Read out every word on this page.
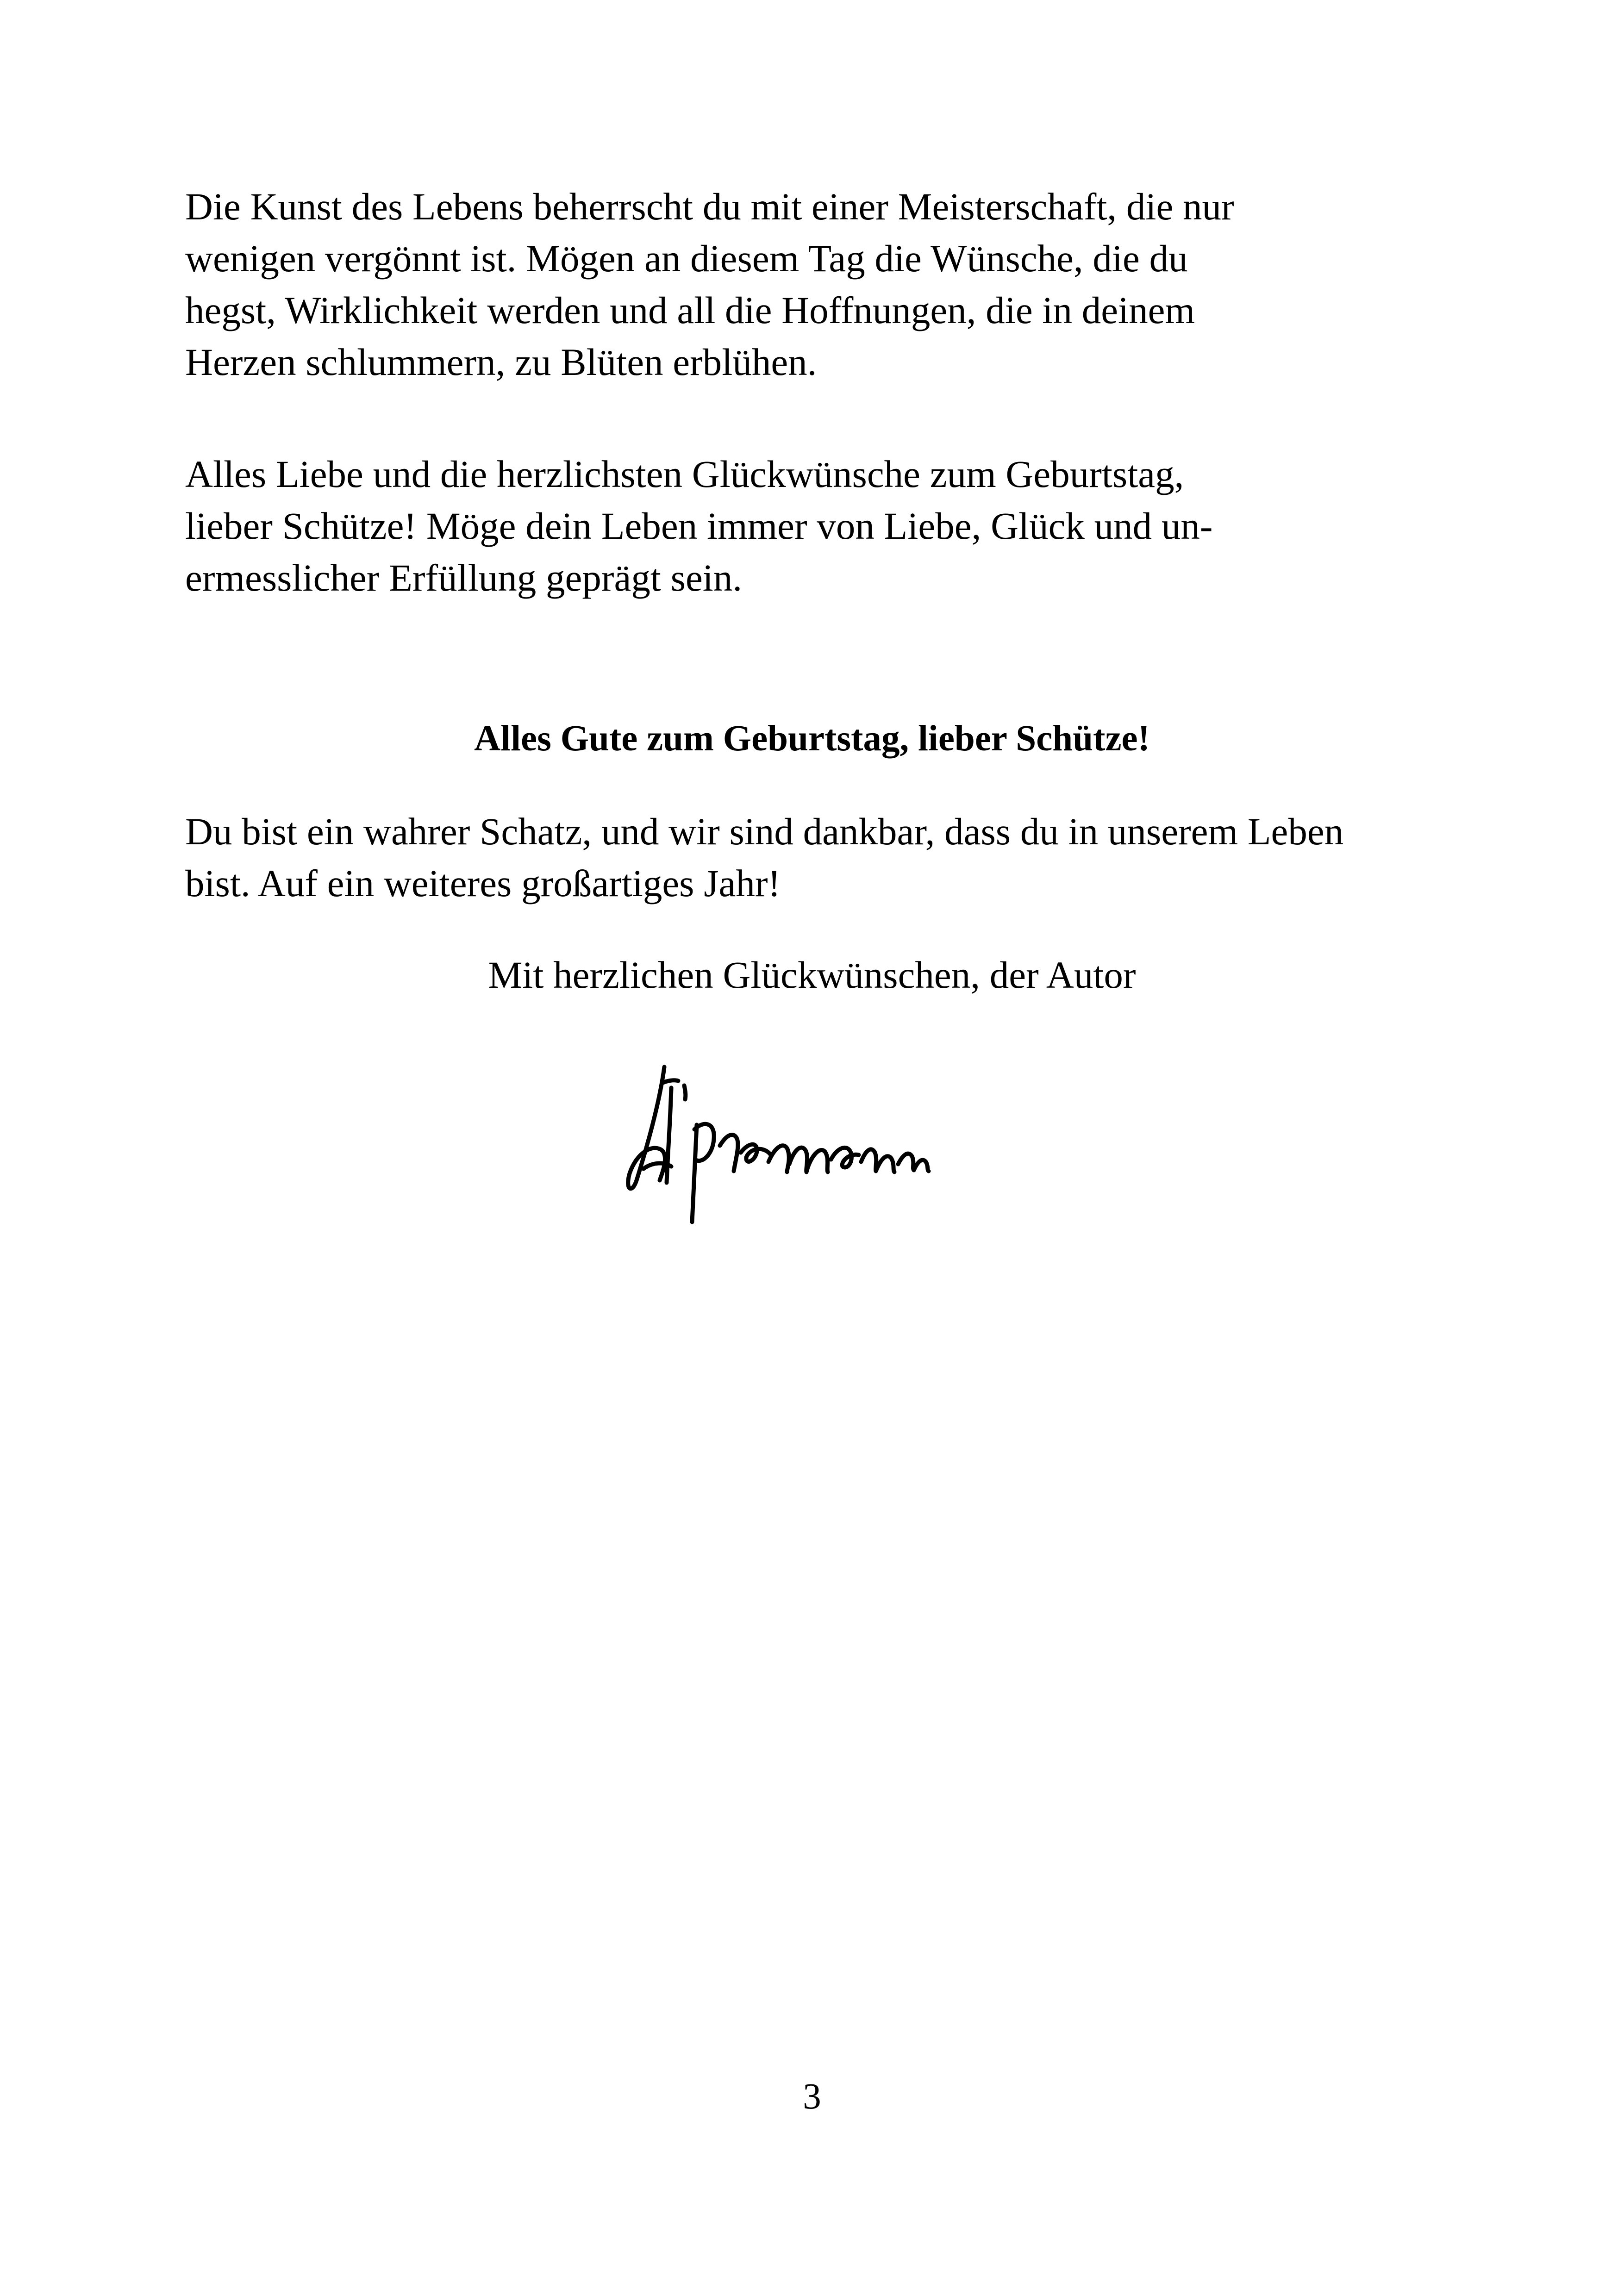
Die Kunst des Lebens beherrscht du mit einer Meisterschaft, die nur
wenigen vergönnt ist. Mögen an diesem Tag die Wünsche, die du
hegst, Wirklichkeit werden und all die Hoffnungen, die in deinem
Herzen schlummern, zu Blüten erblühen.

Alles Liebe und die herzlichsten Glückwünsche zum Geburtstag,
lieber Schütze! Möge dein Leben immer von Liebe, Glück und un-
ermesslicher Erfüllung geprägt sein.

Alles Gute zum Geburtstag, lieber Schütze!

Du bist ein wahrer Schatz, und wir sind dankbar, dass du in unserem Leben
bist. Auf ein weiteres großartiges Jahr!

Mit herzlichen Glückwünschen, der Autor

3
